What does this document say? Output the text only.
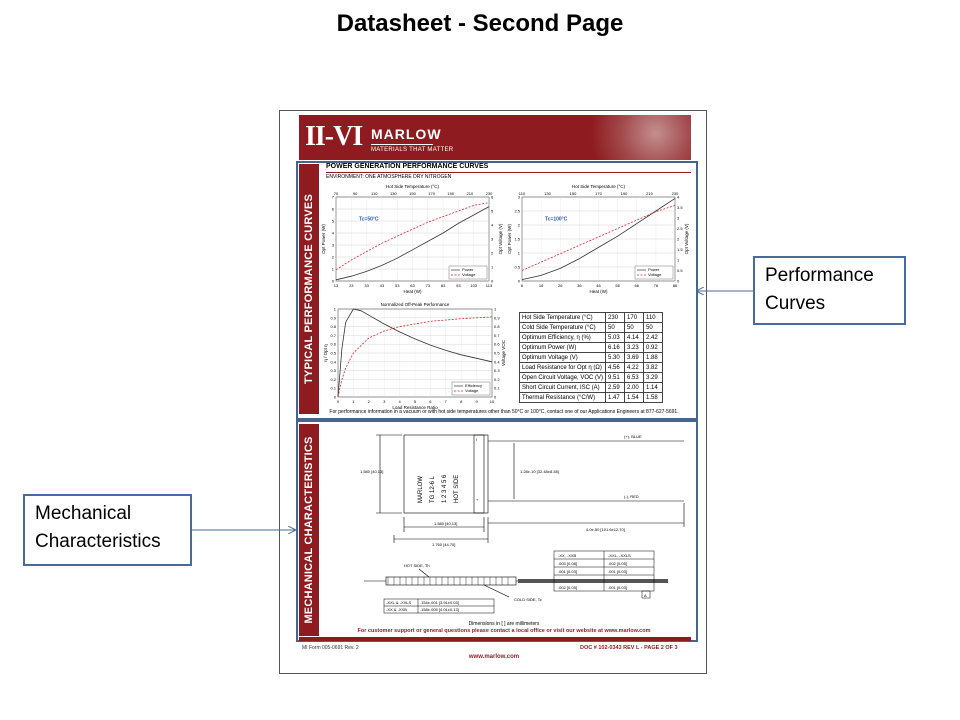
Datasheet - Second Page
II-VI MARLOW
MATERIALS THAT MATTER
TYPICAL PERFORMANCE CURVES
MECHANICAL CHARACTERISTICS
POWER GENERATION PERFORMANCE CURVES
ENVIRONMENT: ONE ATMOSPHERE DRY NITROGEN
0
1
2
3
4
5
6
7
0
1
2
3
4
5
6
13	23	33	43	53	63	73	83	93 103 113
Heat (W)
Opt Power (W)	Opt Voltage (V)
70	90	110	130	150	170	190	210	230
Hot Side Temperature (°C)
Tc=50°C
Power
Voltage
0
0.5
1
1.5
2
2.5
3
0
0.5
1
1.5
2
2.5
3
3.5
4
6	16	26	36	46	56	66	76	86
Heat (W)
Opt Power (W)	Opt Voltage (V)
110	130	150	170	190	210	230
Hot Side Temperature (°C)
Tc=100°C
Power
Voltage
0
0.1
0.2
0.3
0.4
0.5
0.6
0.7
0.8
0.9
1
0
0.1
0.2
0.3
0.4
0.5
0.6
0.7
0.8
0.9
1
0	1	2	3	4	5	6	7	8	9	10
Load Resistance Ratio
η / Opt η	Voltage VOC
Normalized Off-Peak Performance
Efficiency
Voltage
Hot Side Temperature (°C)	230	170	110
Cold Side Temperature (°C)	50	50	50
Optimum Efficiency, η (%)	5.03	4.14	2.42
Optimum Power (W)	6.16	3.23	0.92
Optimum Voltage (V)	5.30	3.69	1.88
Load Resistance for Opt η (Ω)	4.56	4.22	3.82
Open Circuit Voltage, VOC (V)	9.51	6.53	3.29
Short Circuit Current, ISC (A)	2.59	2.00	1.14
Thermal Resistance (°C/W)	1.47	1.54	1.58
For performance information in a vacuum or with hot side temperatures other than 50°C or 100°C, contact one of our Applications Engineers at 877-627-5691.
MARLOW TG 12-6 L 1 2 3 4 5 6 HOT SIDE
I
+
1.580 [40.13]
1.580 [40.13]
1.760 [44.70]
1.28±.10 [32.48±8.38]
4.0±.50 [101.6±12.70]
(+), BLUE
(-), RED
HOT SIDE, Th
COLD SIDE, Tc
-XX, -XXB	-XXL, -XXLS
.003 [0.08]	.002 [0.05]
.001 [0.03]	.001 [0.03]
.002 [0.05]	.001 [0.03]
A
-XXL & -XXLS .154±.001 [3.91±0.03]
-XX & -XXB	.158±.005 [4.01±0.13]
Dimensions in [ ] are millimeters
For customer support or general questions please contact a local office or visit our website at www.marlow.com
MI Form 005-0691 Rev. 2	DOC # 102-0343 REV L - PAGE 2 OF 3
www.marlow.com
Performance Curves
Mechanical Characteristics
